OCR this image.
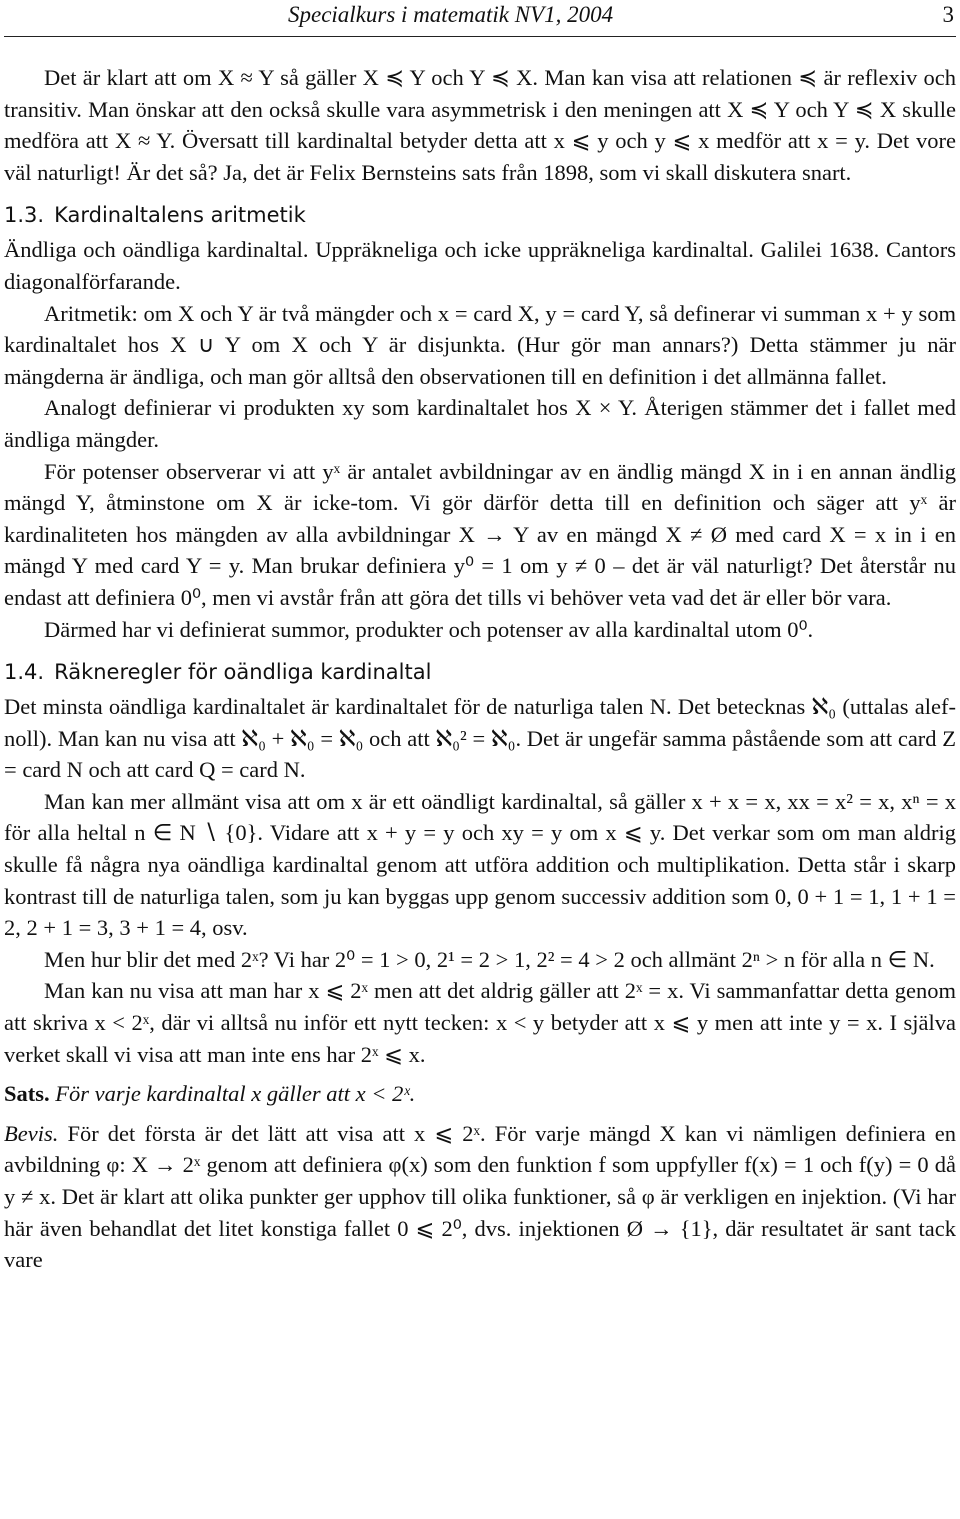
Specialkurs i matematik NV1, 2004	3

Det är klart att om X ≈ Y så gäller X ≼ Y och Y ≼ X. Man kan visa att relationen ≼ är reflexiv och transitiv. Man önskar att den också skulle vara asymmetrisk i den meningen att X ≼ Y och Y ≼ X skulle medföra att X ≈ Y. Översatt till kardinaltal betyder detta att x ⩽ y och y ⩽ x medför att x = y. Det vore väl naturligt! Är det så? Ja, det är Felix Bernsteins sats från 1898, som vi skall diskutera snart.

1.3. Kardinaltalens aritmetik

Ändliga och oändliga kardinaltal. Uppräkneliga och icke uppräkneliga kardinaltal. Galilei 1638. Cantors diagonalförfarande.

Aritmetik: om X och Y är två mängder och x = card X, y = card Y, så definerar vi summan x + y som kardinaltalet hos X ∪ Y om X och Y är disjunkta. (Hur gör man annars?) Detta stämmer ju när mängderna är ändliga, och man gör alltså den observationen till en definition i det allmänna fallet.

Analogt definierar vi produkten xy som kardinaltalet hos X × Y. Återigen stämmer det i fallet med ändliga mängder.

För potenser observerar vi att yˣ är antalet avbildningar av en ändlig mängd X in i en annan ändlig mängd Y, åtminstone om X är icke-tom. Vi gör därför detta till en definition och säger att yˣ är kardinaliteten hos mängden av alla avbildningar X → Y av en mängd X ≠ Ø med card X = x in i en mängd Y med card Y = y. Man brukar definiera y⁰ = 1 om y ≠ 0 – det är väl naturligt? Det återstår nu endast att definiera 0⁰, men vi avstår från att göra det tills vi behöver veta vad det är eller bör vara.

Därmed har vi definierat summor, produkter och potenser av alla kardinaltal utom 0⁰.

1.4. Räkneregler för oändliga kardinaltal

Det minsta oändliga kardinaltalet är kardinaltalet för de naturliga talen N. Det betecknas ℵ₀ (uttalas alef-noll). Man kan nu visa att ℵ₀ + ℵ₀ = ℵ₀ och att ℵ₀² = ℵ₀. Det är ungefär samma påstående som att card Z = card N och att card Q = card N.

Man kan mer allmänt visa att om x är ett oändligt kardinaltal, så gäller x + x = x, xx = x² = x, xⁿ = x för alla heltal n ∈ N ∖ {0}. Vidare att x + y = y och xy = y om x ⩽ y. Det verkar som om man aldrig skulle få några nya oändliga kardinaltal genom att utföra addition och multiplikation. Detta står i skarp kontrast till de naturliga talen, som ju kan byggas upp genom successiv addition som 0, 0 + 1 = 1, 1 + 1 = 2, 2 + 1 = 3, 3 + 1 = 4, osv.

Men hur blir det med 2ˣ? Vi har 2⁰ = 1 > 0, 2¹ = 2 > 1, 2² = 4 > 2 och allmänt 2ⁿ > n för alla n ∈ N.

Man kan nu visa att man har x ⩽ 2ˣ men att det aldrig gäller att 2ˣ = x. Vi sammanfattar detta genom att skriva x < 2ˣ, där vi alltså nu inför ett nytt tecken: x < y betyder att x ⩽ y men att inte y = x. I själva verket skall vi visa att man inte ens har 2ˣ ⩽ x.

Sats. För varje kardinaltal x gäller att x < 2ˣ.
Bevis. För det första är det lätt att visa att x ⩽ 2ˣ. För varje mängd X kan vi nämligen definiera en avbildning φ: X → 2ˣ genom att definiera φ(x) som den funktion f som uppfyller f(x) = 1 och f(y) = 0 då y ≠ x. Det är klart att olika punkter ger upphov till olika funktioner, så φ är verkligen en injektion. (Vi har här även behandlat det litet konstiga fallet 0 ⩽ 2⁰, dvs. injektionen Ø → {1}, där resultatet är sant tack vare
